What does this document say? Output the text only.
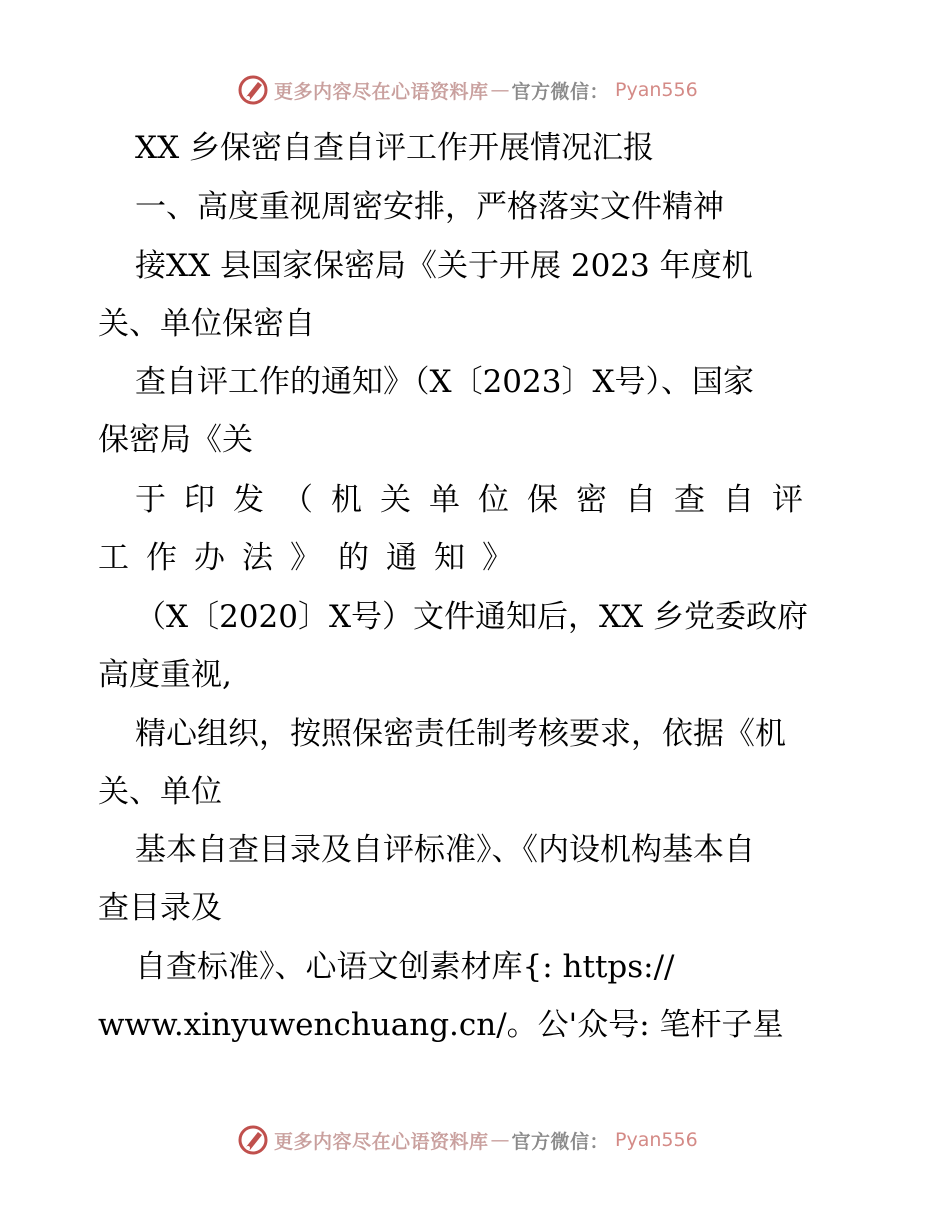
更多内容尽在心语资料库 — 官方微信 ： Pyan556
XX 乡保密自查自评工作开展情况汇报
一、高度重视周密安排，严格落实文件精神
接XX 县国家保密局《关于开展 2023 年度机
关、单位保密自
查自评工作的通知》（X〔2023〕X号）、国家
保密局《关
于印发（机关单位保密自查自评
工作办法》的通知》
（X〔2020〕X号）文件通知后，XX 乡党委政府
高度重视,
精心组织，按照保密责任制考核要求，依据《机
关、单位
基本自查目录及自评标准》、《内设机构基本自
查目录及
自查标准》、心语文创素材库{: https://
www.xinyuwenchuang.cn/。公'众号: 笔杆子星
更多内容尽在心语资料库 — 官方微信 ： Pyan556
